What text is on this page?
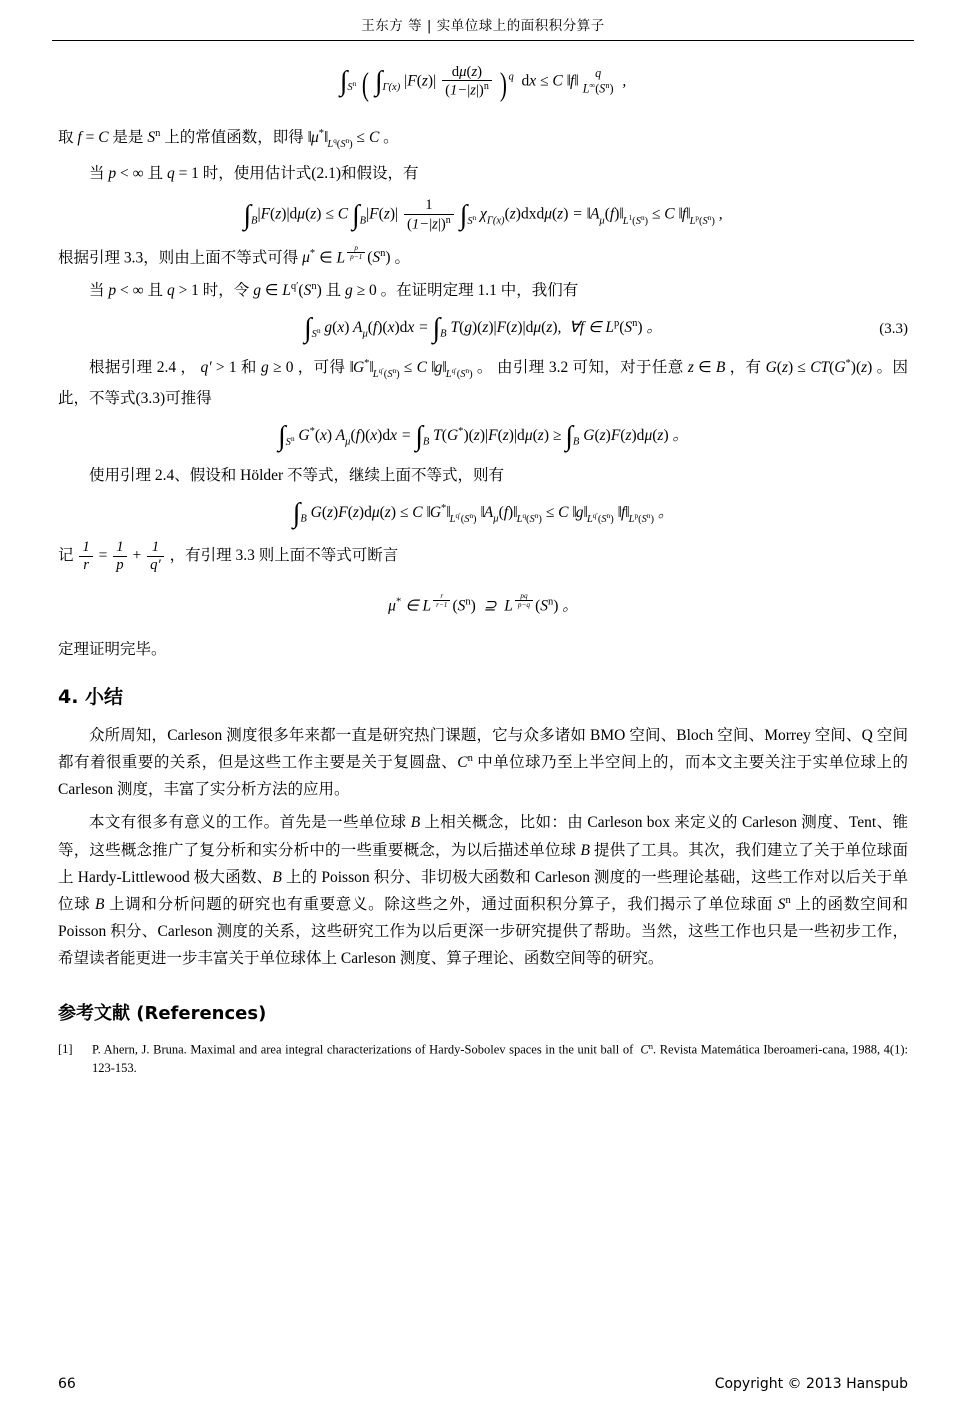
王东方 等 | 实单位球上的面积积分算子
$\int_{S^n}$ ( $\int_{\Gamma(x)}$ $|F(z)| \frac{d\mu(z)}{(1-|z|)^n}$ ) $^q$ dx ≤ C ‖f‖	q
$L^\infty(S^n)$ ,

取 f = C 是是 $S^n$ 上的常值函数，即得 $‖\mu^*‖_{L^q(S^n)} \le C$ 。

当 p < ∞ 且 q = 1 时，使用估计式(2.1)和假设，有

$\int_B|F(z)|d\mu(z) \le C$ $\int_B|F(z)| \frac{1}{(1-|z|)^n} \int_{S^n}$ $\chi_{\Gamma(x)}(z)dxd\mu(z)$ = $‖A_\mu(f)‖_{L^1(S^n)} \le C$ $‖f‖_{L^p(S^n)}$ ,

根据引理 3.3，则由上面不等式可得 μ* ∈ L $^{\frac{p}{p-1}}$ $(S^n)$ 。

当 p < ∞ 且 q > 1 时，令 g ∈ $L^{q'}(S^n)$ 且 g ≥ 0 。在证明定理 1.1 中，我们有

$\int_{S^n}$ g(x) $A_\mu(f)(x)dx = \int_B$ T(g)(z)|F(z)|dμ(z),  ∀f ∈ $L^p(S^n)$ 。	(3.3)

根据引理 2.4 ， q′ > 1 和 g ≥ 0 ，可得 $‖G^*‖_{L^{q'}(S^n)} \le C$ $‖g‖_{L^{q'}(S^n)}$ 。 由引理 3.2 可知，对于任意 z ∈ B ，有 G(z) ≤ CT(G*)(z) 。因此，不等式(3.3)可推得

$\int_{S^n}$ G*(x) $A_\mu(f)(x)dx = \int_B$ $T(G^*)(z)|F(z)|d\mu(z) \ge \int_B$ G(z)F(z)dμ(z) 。

使用引理 2.4、假设和 Hölder 不等式，继续上面不等式，则有

$\int_B$ G(z)F(z)dμ(z) ≤ C $‖G^*‖_{L^{q'}(S^n)}$ $‖A_\mu(f)‖_{L^q(S^n)} \le C$ $‖g‖_{L^{q'}(S^n)}$ $‖f‖_{L^p(S^n)}$ 。

记 $\frac{1}{r} = \frac{1}{p} + \frac{1}{q'}$ ，有引理 3.3 则上面不等式可断言

μ* ∈ L $^{\frac{r}{r-1}}$ $(S^n)$  ⊇  L $^{\frac{pq}{p-q}}$ $(S^n)$ 。

定理证明完毕。

4. 小结

众所周知，Carleson 测度很多年来都一直是研究热门课题，它与众多诸如 BMO 空间、Bloch 空间、Morrey 空间、Q 空间都有着很重要的关系，但是这些工作主要是关于复圆盘、$C^n$ 中单位球乃至上半空间上的，而本文主要关注于实单位球上的 Carleson 测度，丰富了实分析方法的应用。

本文有很多有意义的工作。首先是一些单位球 B 上相关概念，比如：由 Carleson box 来定义的 Carleson 测度、Tent、锥等，这些概念推广了复分析和实分析中的一些重要概念，为以后描述单位球 B 提供了工具。其次，我们建立了关于单位球面上 Hardy-Littlewood 极大函数、B 上的 Poisson 积分、非切极大函数和 Carleson 测度的一些理论基础，这些工作对以后关于单位球 B 上调和分析问题的研究也有重要意义。除这些之外，通过面积积分算子，我们揭示了单位球面 $S^n$ 上的函数空间和 Poisson 积分、Carleson 测度的关系，这些研究工作为以后更深一步研究提供了帮助。当然，这些工作也只是一些初步工作，希望读者能更进一步丰富关于单位球体上 Carleson 测度、算子理论、函数空间等的研究。

参考文献 (References)
[1]	P. Ahern, J. Bruna. Maximal and area integral characterizations of Hardy-Sobolev spaces in the unit ball of $C^n$. Revista Matemática Iberoameri-cana, 1988, 4(1): 123-153.
66	Copyright © 2013 Hanspub
